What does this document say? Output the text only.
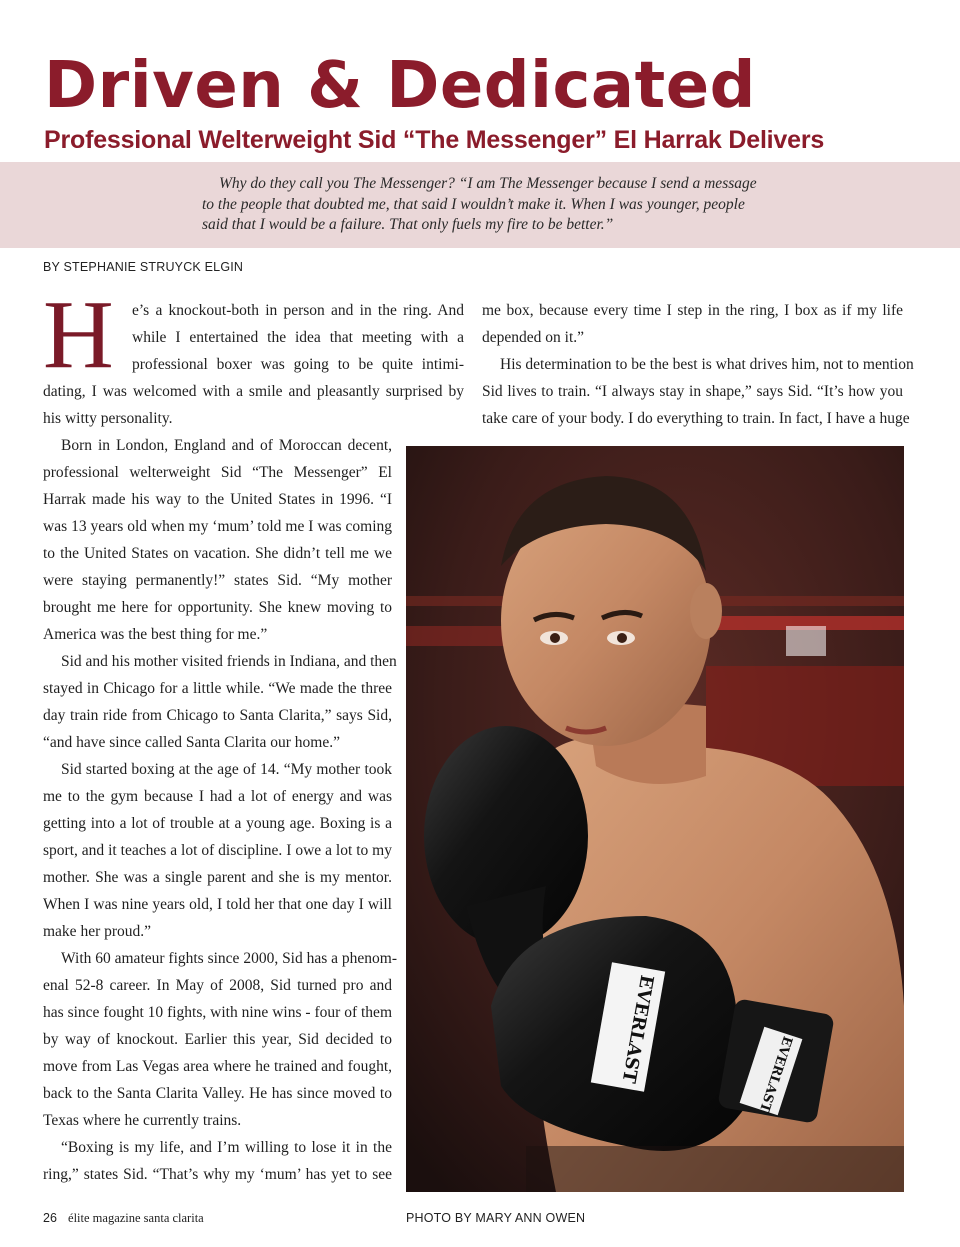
Driven & Dedicated
Professional Welterweight Sid “The Messenger” El Harrak Delivers

Why do they call you The Messenger? “I am The Messenger because I send a message
to the people that doubted me, that said I wouldn’t make it. When I was younger, people
said that I would be a failure. That only fuels my fire to be better.”

BY STEPHANIE STRUYCK ELGIN
H e’s a knockout-both in person and in the ring. And
while I entertained the idea that meeting with a
professional boxer was going to be quite intimi-
dating, I was welcomed with a smile and pleasantly surprised by
his witty personality.
Born in London, England and of Moroccan decent,
professional welterweight Sid “The Messenger” El
Harrak made his way to the United States in 1996. “I
was 13 years old when my ‘mum’ told me I was coming
to the United States on vacation. She didn’t tell me we
were staying permanently!” states Sid. “My mother
brought me here for opportunity. She knew moving to
America was the best thing for me.”
Sid and his mother visited friends in Indiana, and then
stayed in Chicago for a little while. “We made the three
day train ride from Chicago to Santa Clarita,” says Sid,
“and have since called Santa Clarita our home.”
Sid started boxing at the age of 14. “My mother took
me to the gym because I had a lot of energy and was
getting into a lot of trouble at a young age. Boxing is a
sport, and it teaches a lot of discipline. I owe a lot to my
mother. She was a single parent and she is my mentor.
When I was nine years old, I told her that one day I will
make her proud.”
With 60 amateur fights since 2000, Sid has a phenom-
enal 52-8 career. In May of 2008, Sid turned pro and
has since fought 10 fights, with nine wins - four of them
by way of knockout. Earlier this year, Sid decided to
move from Las Vegas area where he trained and fought,
back to the Santa Clarita Valley. He has since moved to
Texas where he currently trains.
“Boxing is my life, and I’m willing to lose it in the
ring,” states Sid. “That’s why my ‘mum’ has yet to see
me box, because every time I step in the ring, I box as if my life
depended on it.”
His determination to be the best is what drives him, not to mention
Sid lives to train. “I always stay in shape,” says Sid. “It’s how you
take care of your body. I do everything to train. In fact, I have a huge
EVERLAST	EVERLAST
26 élite magazine santa clarita	PHOTO BY MARY ANN OWEN
